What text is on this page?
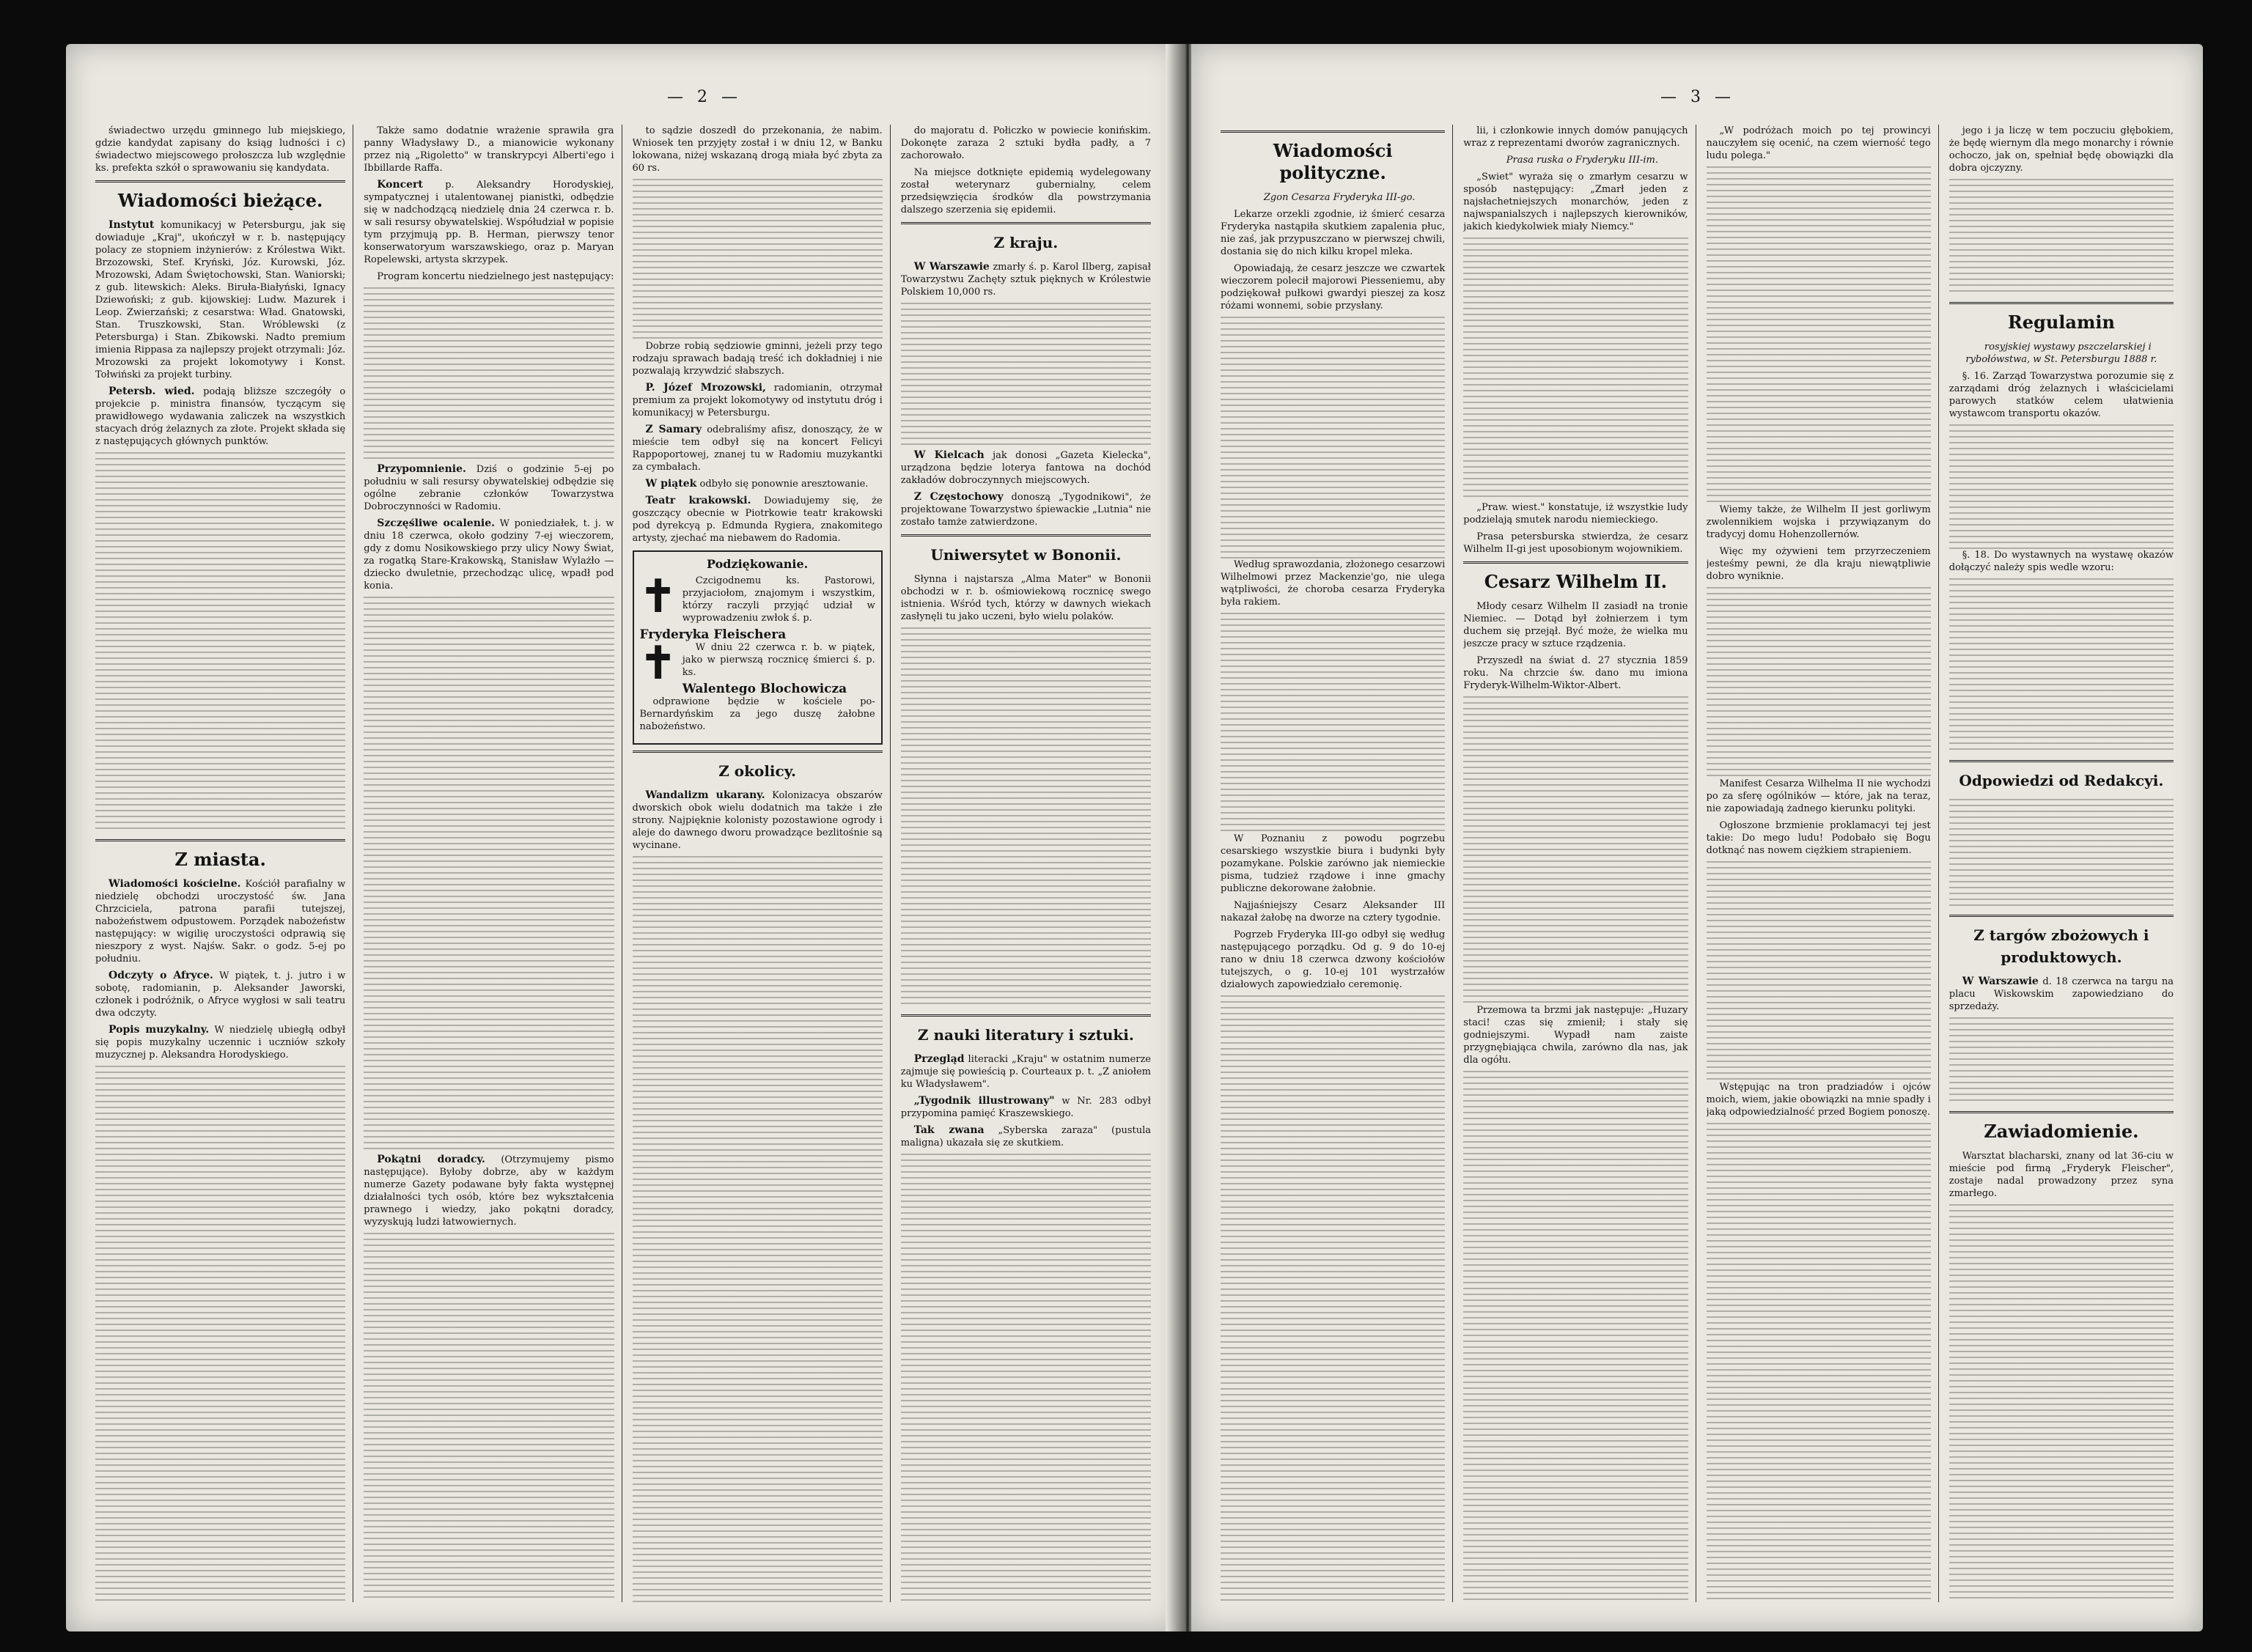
— 2 —

świadectwo urzędu gminnego lub miejskiego, gdzie kandydat zapisany do ksiąg ludności i c) świadectwo miejscowego prołoszcza lub względnie ks. prefekta szkół o sprawowaniu się kandydata.

Wiadomości bieżące.

Instytut komunikacyj w Petersburgu, jak się dowiaduje „Kraj", ukończył w r. b. następujący polacy ze stopniem inżynierów: z Królestwa Wikt. Brzozowski, Stef. Kryński, Józ. Kurowski, Józ. Mrozowski, Adam Świętochowski, Stan. Waniorski; z gub. litewskich: Aleks. Biruła-Białyński, Ignacy Dziewoński; z gub. kijowskiej: Ludw. Mazurek i Leop. Zwierzański; z cesarstwa: Wład. Gnatowski, Stan. Truszkowski, Stan. Wróblewski (z Petersburga) i Stan. Zbikowski. Nadto premium imienia Rippasa za najlepszy projekt otrzymali: Józ. Mrozowski za projekt lokomotywy i Konst. Tołwiński za projekt turbiny.

Petersb. wied. podają bliższe szczegóły o projekcie p. ministra finansów, tyczącym się prawidłowego wydawania zaliczek na wszystkich stacyach dróg żelaznych za złote. Projekt składa się z następujących głównych punktów.

Z miasta.

Wiadomości kościelne. Kościół parafialny w niedzielę obchodzi uroczystość św. Jana Chrzciciela, patrona parafii tutejszej, nabożeństwem odpustowem. Porządek nabożeństw następujący: w wigilię uroczystości odprawią się nieszpory z wyst. Najśw. Sakr. o godz. 5-ej po południu.

Odczyty o Afryce. W piątek, t. j. jutro i w sobotę, radomianin, p. Aleksander Jaworski, członek i podróżnik, o Afryce wygłosi w sali teatru dwa odczyty.

Popis muzykalny. W niedzielę ubiegłą odbył się popis muzykalny uczennic i uczniów szkoły muzycznej p. Aleksandra Horodyskiego.

Także samo dodatnie wrażenie sprawiła gra panny Władysławy D., a mianowicie wykonany przez nią „Rigoletto" w transkrypcyi Alberti'ego i Ibbillarde Raffa.

Koncert p. Aleksandry Horodyskiej, sympatycznej i utalentowanej pianistki, odbędzie się w nadchodzącą niedzielę dnia 24 czerwca r. b. w sali resursy obywatelskiej. Współudział w popisie tym przyjmują pp. B. Herman, pierwszy tenor konserwatoryum warszawskiego, oraz p. Maryan Ropelewski, artysta skrzypek.

Program koncertu niedzielnego jest następujący:

Przypomnienie. Dziś o godzinie 5-ej po południu w sali resursy obywatelskiej odbędzie się ogólne zebranie członków Towarzystwa Dobroczynności w Radomiu.

Szczęśliwe ocalenie. W poniedziałek, t. j. w dniu 18 czerwca, około godziny 7-ej wieczorem, gdy z domu Nosikowskiego przy ulicy Nowy Świat, za rogatką Stare-Krakowską, Stanisław Wylażło — dziecko dwuletnie, przechodząc ulicę, wpadł pod konia.

Pokątni doradcy. (Otrzymujemy pismo następujące). Byłoby dobrze, aby w każdym numerze Gazety podawane były fakta występnej działalności tych osób, które bez wykształcenia prawnego i wiedzy, jako pokątni doradcy, wyzyskują ludzi łatwowiernych.

to sądzie doszedł do przekonania, że nabim. Wniosek ten przyjęty został i w dniu 12, w Banku lokowana, niżej wskazaną drogą miała być zbyta za 60 rs.

Dobrze robią sędziowie gminni, jeżeli przy tego rodzaju sprawach badają treść ich dokładniej i nie pozwalają krzywdzić słabszych.

P. Józef Mrozowski, radomianin, otrzymał premium za projekt lokomotywy od instytutu dróg i komunikacyj w Petersburgu.

Z Samary odebraliśmy afisz, donoszący, że w mieście tem odbył się na koncert Felicyi Rappoportowej, znanej tu w Radomiu muzykantki za cymbałach.

W piątek odbyło się ponownie aresztowanie.

Teatr krakowski. Dowiadujemy się, że goszczący obecnie w Piotrkowie teatr krakowski pod dyrekcyą p. Edmunda Rygiera, znakomitego artysty, zjechać ma niebawem do Radomia.

Podziękowanie.
✝	Czcigodnemu ks. Pastorowi, przyjaciołom, znajomym i wszystkim, którzy raczyli przyjąć udział w wyprowadzeniu zwłok ś. p.

Fryderyka Fleischera
✝	W dniu 22 czerwca r. b. w piątek, jako w pierwszą rocznicę śmierci ś. p. ks.

Walentego Blochowicza

odprawione będzie w kościele po-Bernardyńskim za jego duszę żałobne nabożeństwo.

Z okolicy.

Wandalizm ukarany. Kolonizacya obszarów dworskich obok wielu dodatnich ma także i złe strony. Najpięknie kolonisty pozostawione ogrody i aleje do dawnego dworu prowadzące bezlitośnie są wycinane.

do majoratu d. Połiczko w powiecie konińskim. Dokonęte zaraza 2 sztuki bydła padły, a 7 zachorowało.

Na miejsce dotknięte epidemią wydelegowany został weterynarz gubernialny, celem przedsięwzięcia środków dla powstrzymania dalszego szerzenia się epidemii.

Z kraju.

W Warszawie zmarły ś. p. Karol Ilberg, zapisał Towarzystwu Zachęty sztuk pięknych w Królestwie Polskiem 10,000 rs.

W Kielcach jak donosi „Gazeta Kielecka", urządzona będzie loterya fantowa na dochód zakładów dobroczynnych miejscowych.

Z Częstochowy donoszą „Tygodnikowi", że projektowane Towarzystwo śpiewackie „Lutnia" nie zostało tamże zatwierdzone.

Uniwersytet w Bononii.

Słynna i najstarsza „Alma Mater" w Bononii obchodzi w r. b. ośmiowiekową rocznicę swego istnienia. Wśród tych, którzy w dawnych wiekach zasłynęli tu jako uczeni, było wielu polaków.

Z nauki literatury i sztuki.

Przegląd literacki „Kraju" w ostatnim numerze zajmuje się powieścią p. Courteaux p. t. „Z aniołem ku Władysławem".

„Tygodnik illustrowany" w Nr. 283 odbył przypomina pamięć Kraszewskiego.

Tak zwana „Syberska zaraza" (pustula maligna) ukazała się ze skutkiem.

— 3 —
Wiadomości polityczne.

Zgon Cesarza Fryderyka III-go.

Lekarze orzekli zgodnie, iż śmierć cesarza Fryderyka nastąpiła skutkiem zapalenia płuc, nie zaś, jak przypuszczano w pierwszej chwili, dostania się do nich kilku kropel mleka.

Opowiadają, że cesarz jeszcze we czwartek wieczorem polecił majorowi Piesseniemu, aby podziękował pułkowi gwardyi pieszej za kosz różami wonnemi, sobie przysłany.

Według sprawozdania, złożonego cesarzowi Wilhelmowi przez Mackenzie'go, nie ulega wątpliwości, że choroba cesarza Fryderyka była rakiem.

W Poznaniu z powodu pogrzebu cesarskiego wszystkie biura i budynki były pozamykane. Polskie zarówno jak niemieckie pisma, tudzież rządowe i inne gmachy publiczne dekorowane żałobnie.

Najjaśniejszy Cesarz Aleksander III nakazał żałobę na dworze na cztery tygodnie.

Pogrzeb Fryderyka III-go odbył się według następującego porządku. Od g. 9 do 10-ej rano w dniu 18 czerwca dzwony kościołów tutejszych, o g. 10-ej 101 wystrzałów działowych zapowiedziało ceremonię.

lii, i członkowie innych domów panujących wraz z reprezentami dworów zagranicznych.

Prasa ruska o Fryderyku III-im.

„Swiet" wyraża się o zmarłym cesarzu w sposób następujący: „Zmarł jeden z najsłachetniejszych monarchów, jeden z najwspanialszych i najlepszych kierowników, jakich kiedykolwiek miały Niemcy."

„Praw. wiest." konstatuje, iż wszystkie ludy podzielają smutek narodu niemieckiego.

Prasa petersburska stwierdza, że cesarz Wilhelm II-gi jest uposobionym wojownikiem.

Cesarz Wilhelm II.

Młody cesarz Wilhelm II zasiadł na tronie Niemiec. — Dotąd był żołnierzem i tym duchem się przejął. Być może, że wielka mu jeszcze pracy w sztuce rządzenia.

Przyszedł na świat d. 27 stycznia 1859 roku. Na chrzcie św. dano mu imiona Fryderyk-Wilhelm-Wiktor-Albert.

Przemowa ta brzmi jak następuje: „Huzary staci! czas się zmienił; i stały się godniejszymi. Wypadł nam zaiste przygnębiająca chwila, zarówno dla nas, jak dla ogółu.

„W podróżach moich po tej prowincyi nauczyłem się ocenić, na czem wierność tego ludu polega."

Wiemy także, że Wilhelm II jest gorliwym zwolennikiem wojska i przywiązanym do tradycyj domu Hohenzollernów.

Więc my ożywieni tem przyrzeczeniem jesteśmy pewni, że dla kraju niewątpliwie dobro wyniknie.

Manifest Cesarza Wilhelma II nie wychodzi po za sferę ogólników — które, jak na teraz, nie zapowiadają żadnego kierunku polityki.

Ogłoszone brzmienie proklamacyi tej jest takie: Do mego ludu! Podobało się Bogu dotknąć nas nowem ciężkiem strapieniem.

Wstępując na tron pradziadów i ojców moich, wiem, jakie obowiązki na mnie spadły i jaką odpowiedzialność przed Bogiem ponoszę.

jego i ja liczę w tem poczuciu głębokiem, że będę wiernym dla mego monarchy i równie ochoczo, jak on, spełniał będę obowiązki dla dobra ojczyzny.

Regulamin

rosyjskiej wystawy pszczelarskiej i rybołówstwa, w St. Petersburgu 1888 r.

§. 16. Zarząd Towarzystwa porozumie się z zarządami dróg żelaznych i właścicielami parowych statków celem ułatwienia wystawcom transportu okazów.

§. 18. Do wystawnych na wystawę okazów dołączyć należy spis wedle wzoru:

Odpowiedzi od Redakcyi.
Z targów zbożowych i produktowych.

W Warszawie d. 18 czerwca na targu na placu Wiskowskim zapowiedziano do sprzedaży.

Zawiadomienie.

Warsztat blacharski, znany od lat 36-ciu w mieście pod firmą „Fryderyk Fleischer", zostaje nadal prowadzony przez syna zmarłego.
